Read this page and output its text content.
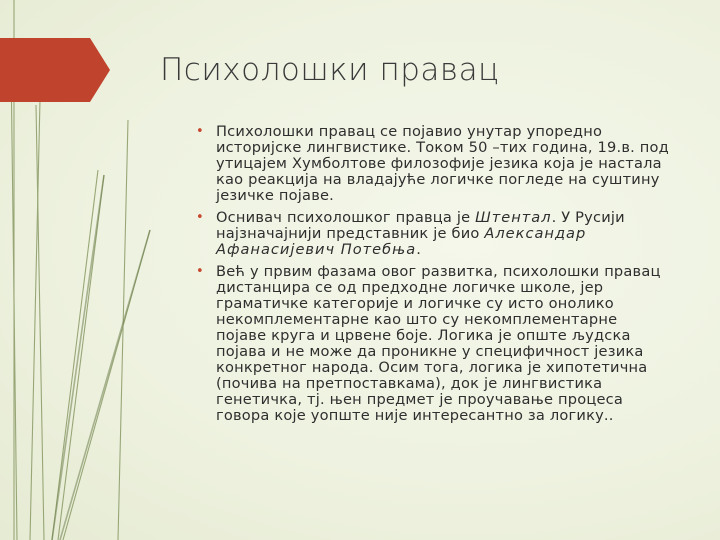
Психолошки правац
• Психолошки правац се појавио унутар упоредно историјске лингвистике. Током 50 –тих година, 19.в. под утицајем Хумболтове филозофије језика која је настала као реакција на владајуће логичке погледе на суштину језичке појаве.
• Оснивач психолошког правца је Штентал. У Русији најзначајнији представник је био Александар Афанасијевич Потебња.
• Већ у првим фазама овог развитка, психолошки правац дистанцира се од предходне логичке школе, јер граматичке категорије и логичке су исто онолико некомплементарне као што су некомплементарне појаве круга и црвене боје. Логика је опште људска појава и не може да проникне у специфичност језика конкретног народа. Осим тога, логика је хипотетична (почива на претпоставкама), док је лингвистика генетичка, тј. њен предмет је проучавање процеса говора које уопште није интересантно за логику..
